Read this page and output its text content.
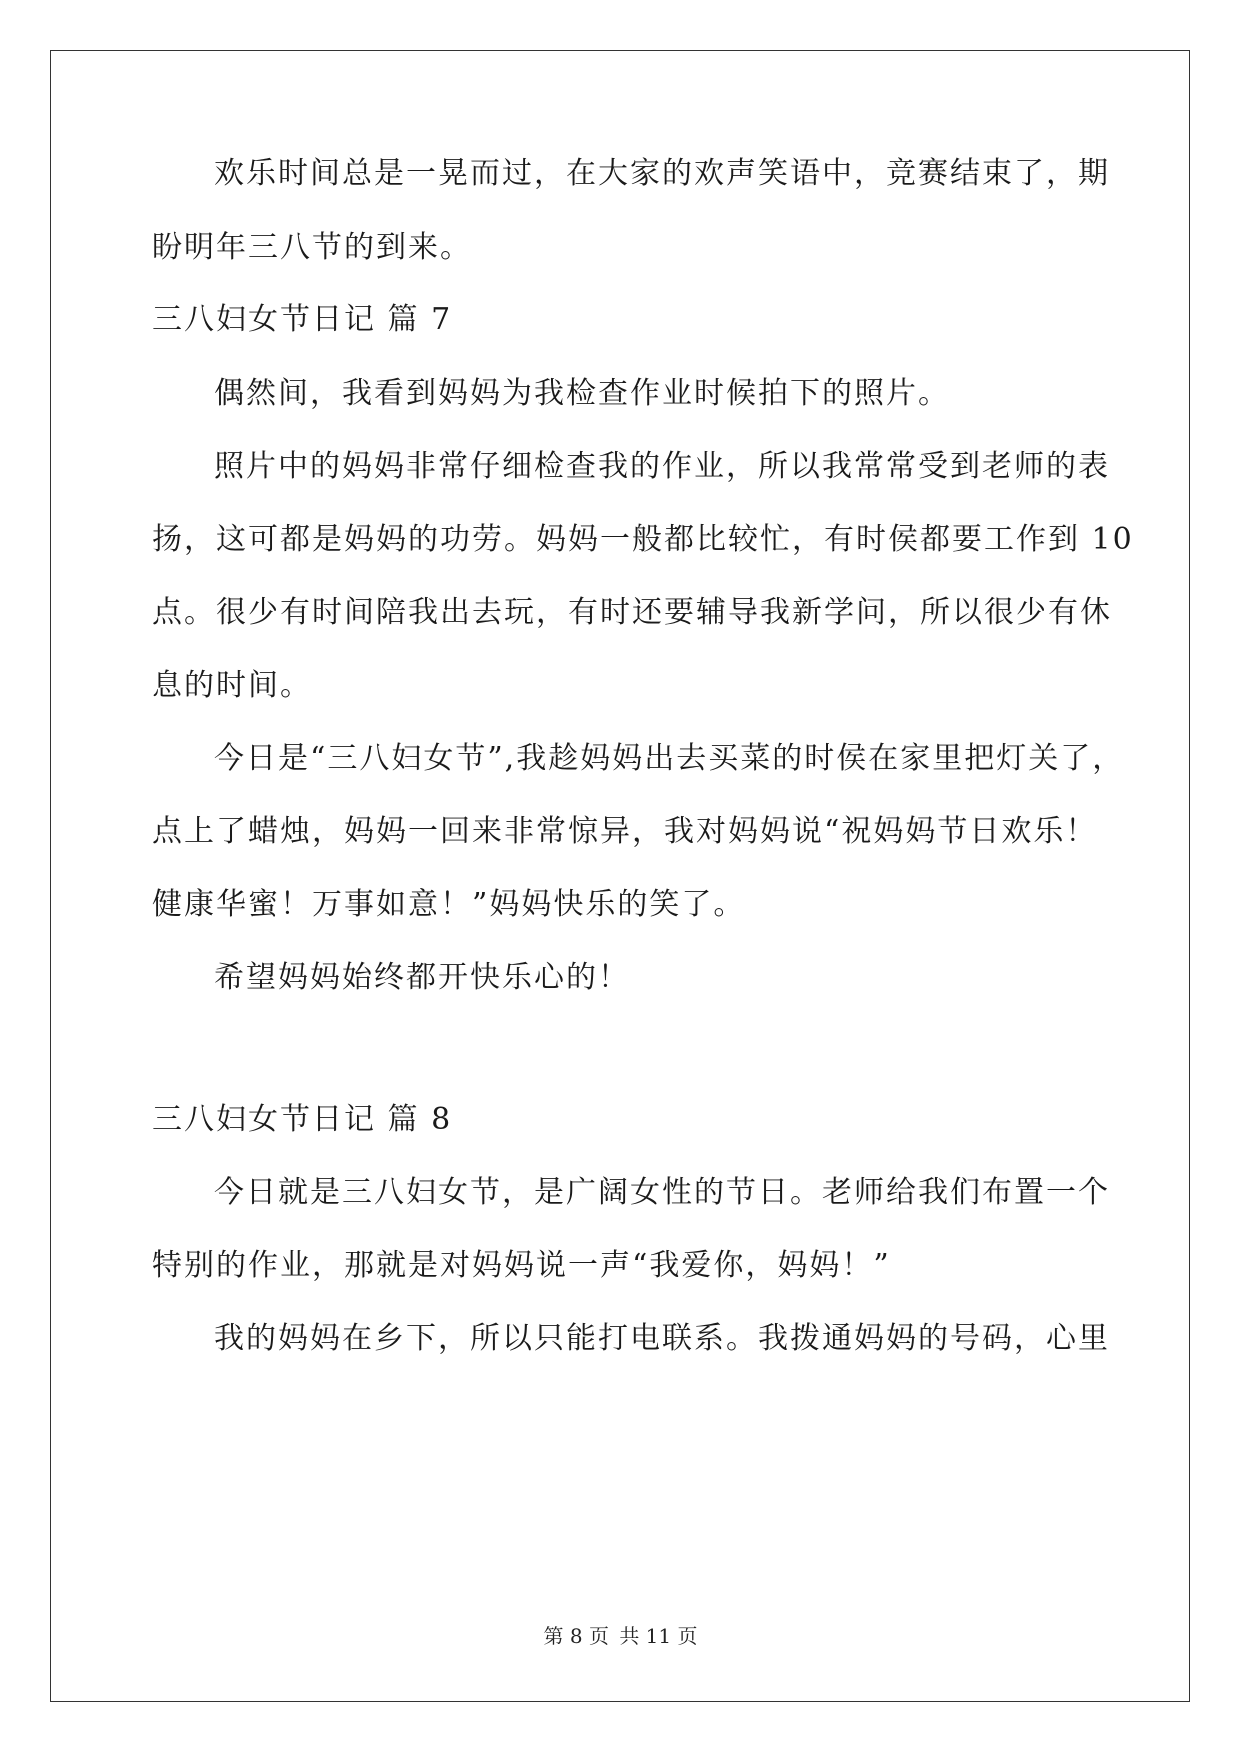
欢乐时间总是一晃而过，在大家的欢声笑语中，竞赛结束了，期
盼明年三八节的到来。
三八妇女节日记 篇 7
偶然间，我看到妈妈为我检查作业时候拍下的照片。
照片中的妈妈非常仔细检查我的作业，所以我常常受到老师的表
扬，这可都是妈妈的功劳。妈妈一般都比较忙，有时侯都要工作到 10
点。很少有时间陪我出去玩，有时还要辅导我新学问，所以很少有休
息的时间。
今日是“三八妇女节”,我趁妈妈出去买菜的时侯在家里把灯关了，
点上了蜡烛，妈妈一回来非常惊异，我对妈妈说“祝妈妈节日欢乐！
健康华蜜！万事如意！”妈妈快乐的笑了。
希望妈妈始终都开快乐心的！
三八妇女节日记 篇 8
今日就是三八妇女节，是广阔女性的节日。老师给我们布置一个
特别的作业，那就是对妈妈说一声“我爱你，妈妈！”
我的妈妈在乡下，所以只能打电联系。我拨通妈妈的号码，心里
第 8 页 共 11 页
